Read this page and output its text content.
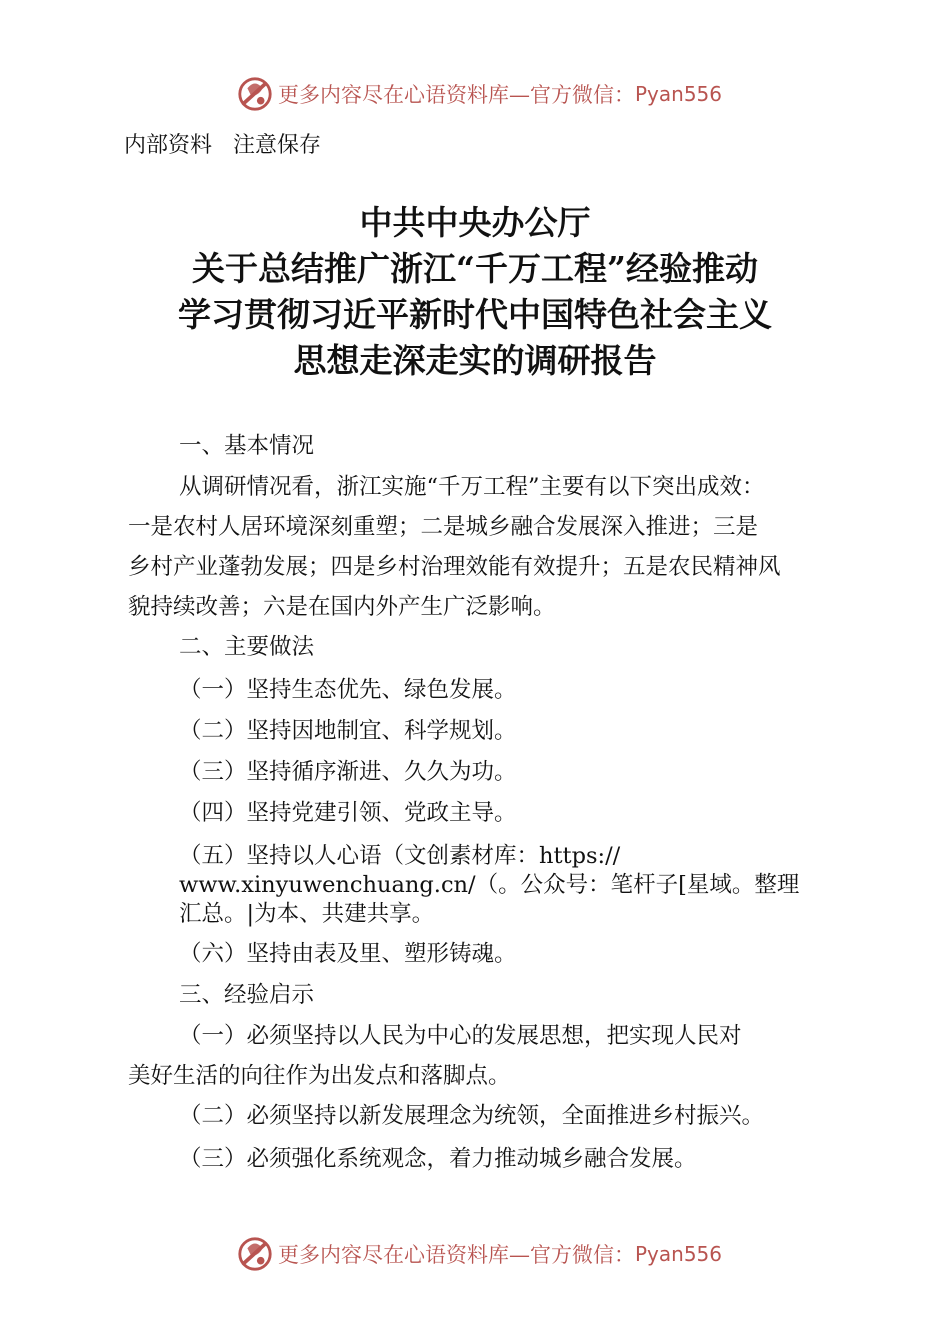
更多内容尽在心语资料库—官方微信： Pyan556
内部资料   注意保存
中共中央办公厅
关于总结推广浙江“千万工程”经验推动
学习贯彻习近平新时代中国特色社会主义
思想走深走实的调研报告
一、基本情况
从调研情况看，浙江实施“千万工程”主要有以下突出成效：
一是农村人居环境深刻重塑；二是城乡融合发展深入推进；三是
乡村产业蓬勃发展；四是乡村治理效能有效提升；五是农民精神风
貌持续改善；六是在国内外产生广泛影响。
二、主要做法
（一）坚持生态优先、绿色发展。
（二）坚持因地制宜、科学规划。
（三）坚持循序渐进、久久为功。
（四）坚持党建引领、党政主导。
（五）坚持以人心语（文创素材库：https://
www.xinyuwenchuang.cn/（。公众号：笔杆子[星域。整理
汇总。|为本、共建共享。
（六）坚持由表及里、塑形铸魂。
三、经验启示
（一）必须坚持以人民为中心的发展思想，把实现人民对
美好生活的向往作为出发点和落脚点。
（二）必须坚持以新发展理念为统领，全面推进乡村振兴。
（三）必须强化系统观念，着力推动城乡融合发展。
更多内容尽在心语资料库—官方微信： Pyan556
